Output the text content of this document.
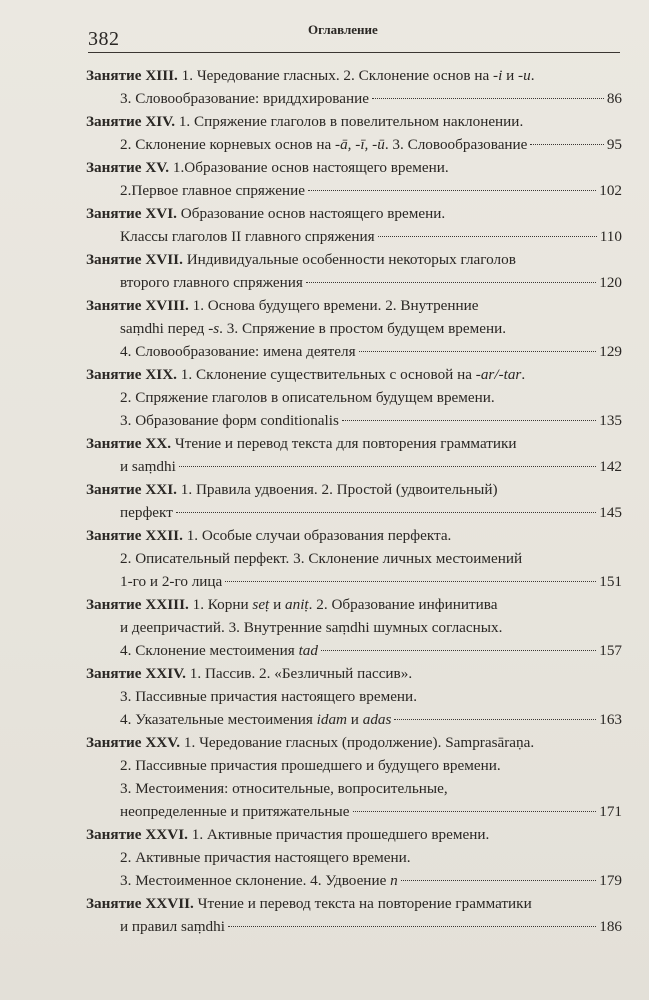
382	Оглавление
Занятие XIII. 1. Чередование гласных. 2. Склонение основ на -i и -u.
3. Словообразование: вриддхирование	86
Занятие XIV. 1. Спряжение глаголов в повелительном наклонении.
2. Склонение корневых основ на -ā, -ī, -ū. 3. Словообразование	95
Занятие XV. 1.Образование основ настоящего времени.
2.Первое главное спряжение	102
Занятие XVI. Образование основ настоящего времени.
Классы глаголов II главного спряжения	110
Занятие XVII. Индивидуальные особенности некоторых глаголов
второго главного спряжения	120
Занятие XVIII. 1. Основа будущего времени. 2. Внутренние
saṃdhi перед -s. 3. Спряжение в простом будущем времени.
4. Словообразование: имена деятеля	129
Занятие XIX. 1. Склонение существительных с основой на -ar/-tar.
2. Спряжение глаголов в описательном будущем времени.
3. Образование форм conditionalis	135
Занятие XX. Чтение и перевод текста для повторения грамматики
и saṃdhi	142
Занятие XXI. 1. Правила удвоения. 2. Простой (удвоительный)
перфект	145
Занятие XXII. 1. Особые случаи образования перфекта.
2. Описательный перфект. 3. Склонение личных местоимений
1-го и 2-го лица	151
Занятие XXIII. 1. Корни seṭ и aniṭ. 2. Образование инфинитива
и деепричастий. 3. Внутренние saṃdhi шумных согласных.
4. Склонение местоимения tad	157
Занятие XXIV. 1. Пассив. 2. «Безличный пассив».
3. Пассивные причастия настоящего времени.
4. Указательные местоимения idam и adas	163
Занятие XXV. 1. Чередование гласных (продолжение). Samprasāraṇa.
2. Пассивные причастия прошедшего и будущего времени.
3. Местоимения: относительные, вопросительные,
неопределенные и притяжательные	171
Занятие XXVI. 1. Активные причастия прошедшего времени.
2. Активные причастия настоящего времени.
3. Местоименное склонение. 4. Удвоение n	179
Занятие XXVII. Чтение и перевод текста на повторение грамматики
и правил saṃdhi	186
